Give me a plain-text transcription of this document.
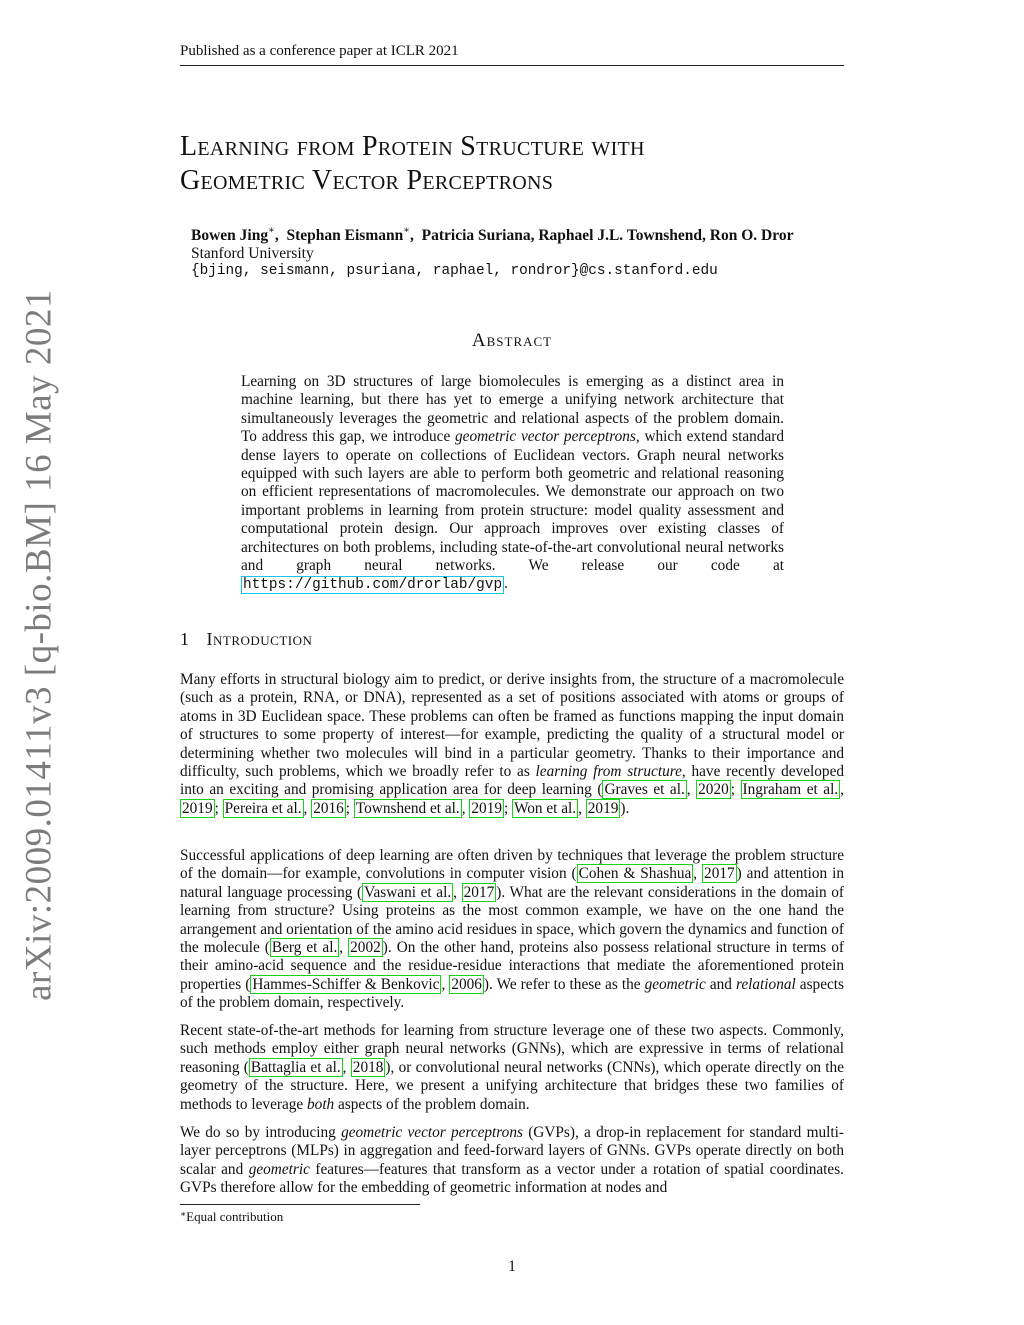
Published as a conference paper at ICLR 2021
arXiv:2009.01411v3 [q-bio.BM] 16 May 2021
Learning from Protein Structure with
Geometric Vector Perceptrons
Bowen Jing∗,  Stephan Eismann∗,  Patricia Suriana, Raphael J.L. Townshend, Ron O. Dror
Stanford University
{bjing, seismann, psuriana, raphael, rondror}@cs.stanford.edu
Abstract
Learning on 3D structures of large biomolecules is emerging as a distinct area in machine learning, but there has yet to emerge a unifying network architecture that simultaneously leverages the geometric and relational aspects of the problem domain. To address this gap, we introduce geometric vector perceptrons, which extend standard dense layers to operate on collections of Euclidean vectors. Graph neural networks equipped with such layers are able to perform both geometric and relational reasoning on efficient representations of macromolecules. We demonstrate our approach on two important problems in learning from protein structure: model quality assessment and computational protein design. Our approach improves over existing classes of architectures on both problems, including state-of-the-art convolutional neural networks and graph neural networks. We release our code at https://github.com/drorlab/gvp .
1 Introduction
Many efforts in structural biology aim to predict, or derive insights from, the structure of a macromolecule (such as a protein, RNA, or DNA), represented as a set of positions associated with atoms or groups of atoms in 3D Euclidean space. These problems can often be framed as functions mapping the input domain of structures to some property of interest—for example, predicting the quality of a structural model or determining whether two molecules will bind in a particular geometry. Thanks to their importance and difficulty, such problems, which we broadly refer to as learning from structure, have recently developed into an exciting and promising application area for deep learning ( Graves et al. , 2020 ; Ingraham et al. , 2019 ; Pereira et al. , 2016 ; Townshend et al. , 2019 ; Won et al. , 2019 ).
Successful applications of deep learning are often driven by techniques that leverage the problem structure of the domain—for example, convolutions in computer vision ( Cohen & Shashua , 2017 ) and attention in natural language processing ( Vaswani et al. , 2017 ). What are the relevant considerations in the domain of learning from structure? Using proteins as the most common example, we have on the one hand the arrangement and orientation of the amino acid residues in space, which govern the dynamics and function of the molecule ( Berg et al. , 2002 ). On the other hand, proteins also possess relational structure in terms of their amino-acid sequence and the residue-residue interactions that mediate the aforementioned protein properties ( Hammes-Schiffer & Benkovic , 2006 ). We refer to these as the geometric and relational aspects of the problem domain, respectively.
Recent state-of-the-art methods for learning from structure leverage one of these two aspects. Commonly, such methods employ either graph neural networks (GNNs), which are expressive in terms of relational reasoning ( Battaglia et al. , 2018 ), or convolutional neural networks (CNNs), which operate directly on the geometry of the structure. Here, we present a unifying architecture that bridges these two families of methods to leverage both aspects of the problem domain.
We do so by introducing geometric vector perceptrons (GVPs), a drop-in replacement for standard multi-layer perceptrons (MLPs) in aggregation and feed-forward layers of GNNs. GVPs operate directly on both scalar and geometric features—features that transform as a vector under a rotation of spatial coordinates. GVPs therefore allow for the embedding of geometric information at nodes and
∗Equal contribution
1
